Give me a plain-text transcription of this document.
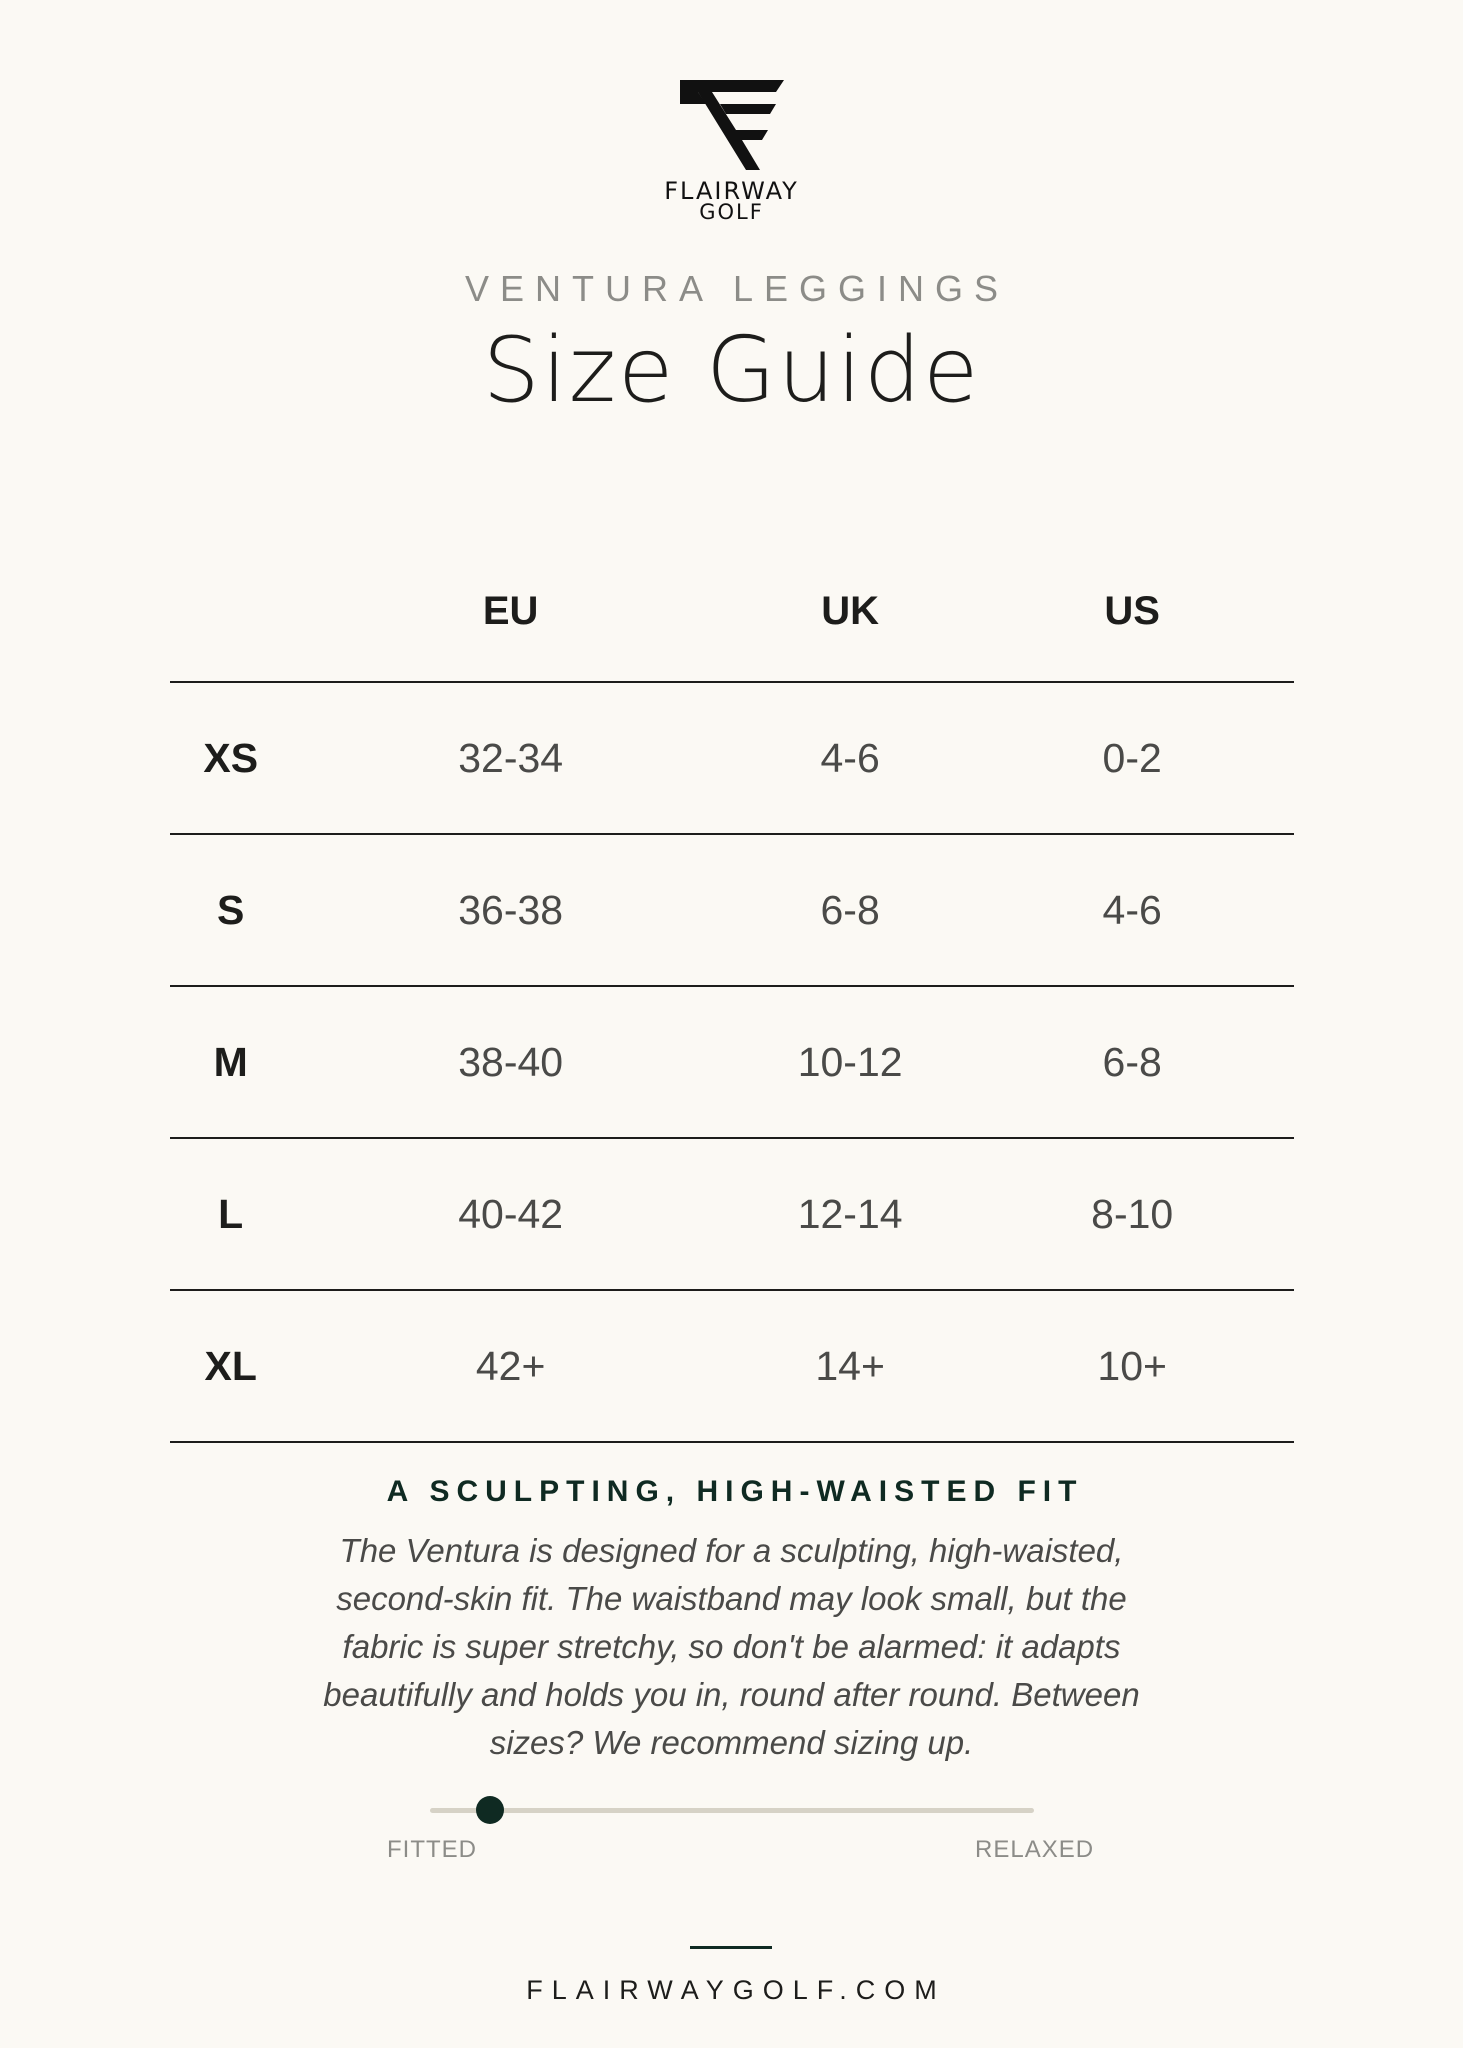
FLAIRWAY
GOLF
VENTURA LEGGINGS
Size Guide
	EU	UK	US
XS	32-34	4-6	0-2
S	36-38	6-8	4-6
M	38-40	10-12	6-8
L	40-42	12-14	8-10
XL	42+	14+	10+
A SCULPTING, HIGH-WAISTED FIT
The Ventura is designed for a sculpting, high-waisted, second-skin fit. The waistband may look small, but the fabric is super stretchy, so don't be alarmed: it adapts beautifully and holds you in, round after round. Between sizes? We recommend sizing up.
FITTED	RELAXED
FLAIRWAYGOLF.COM
